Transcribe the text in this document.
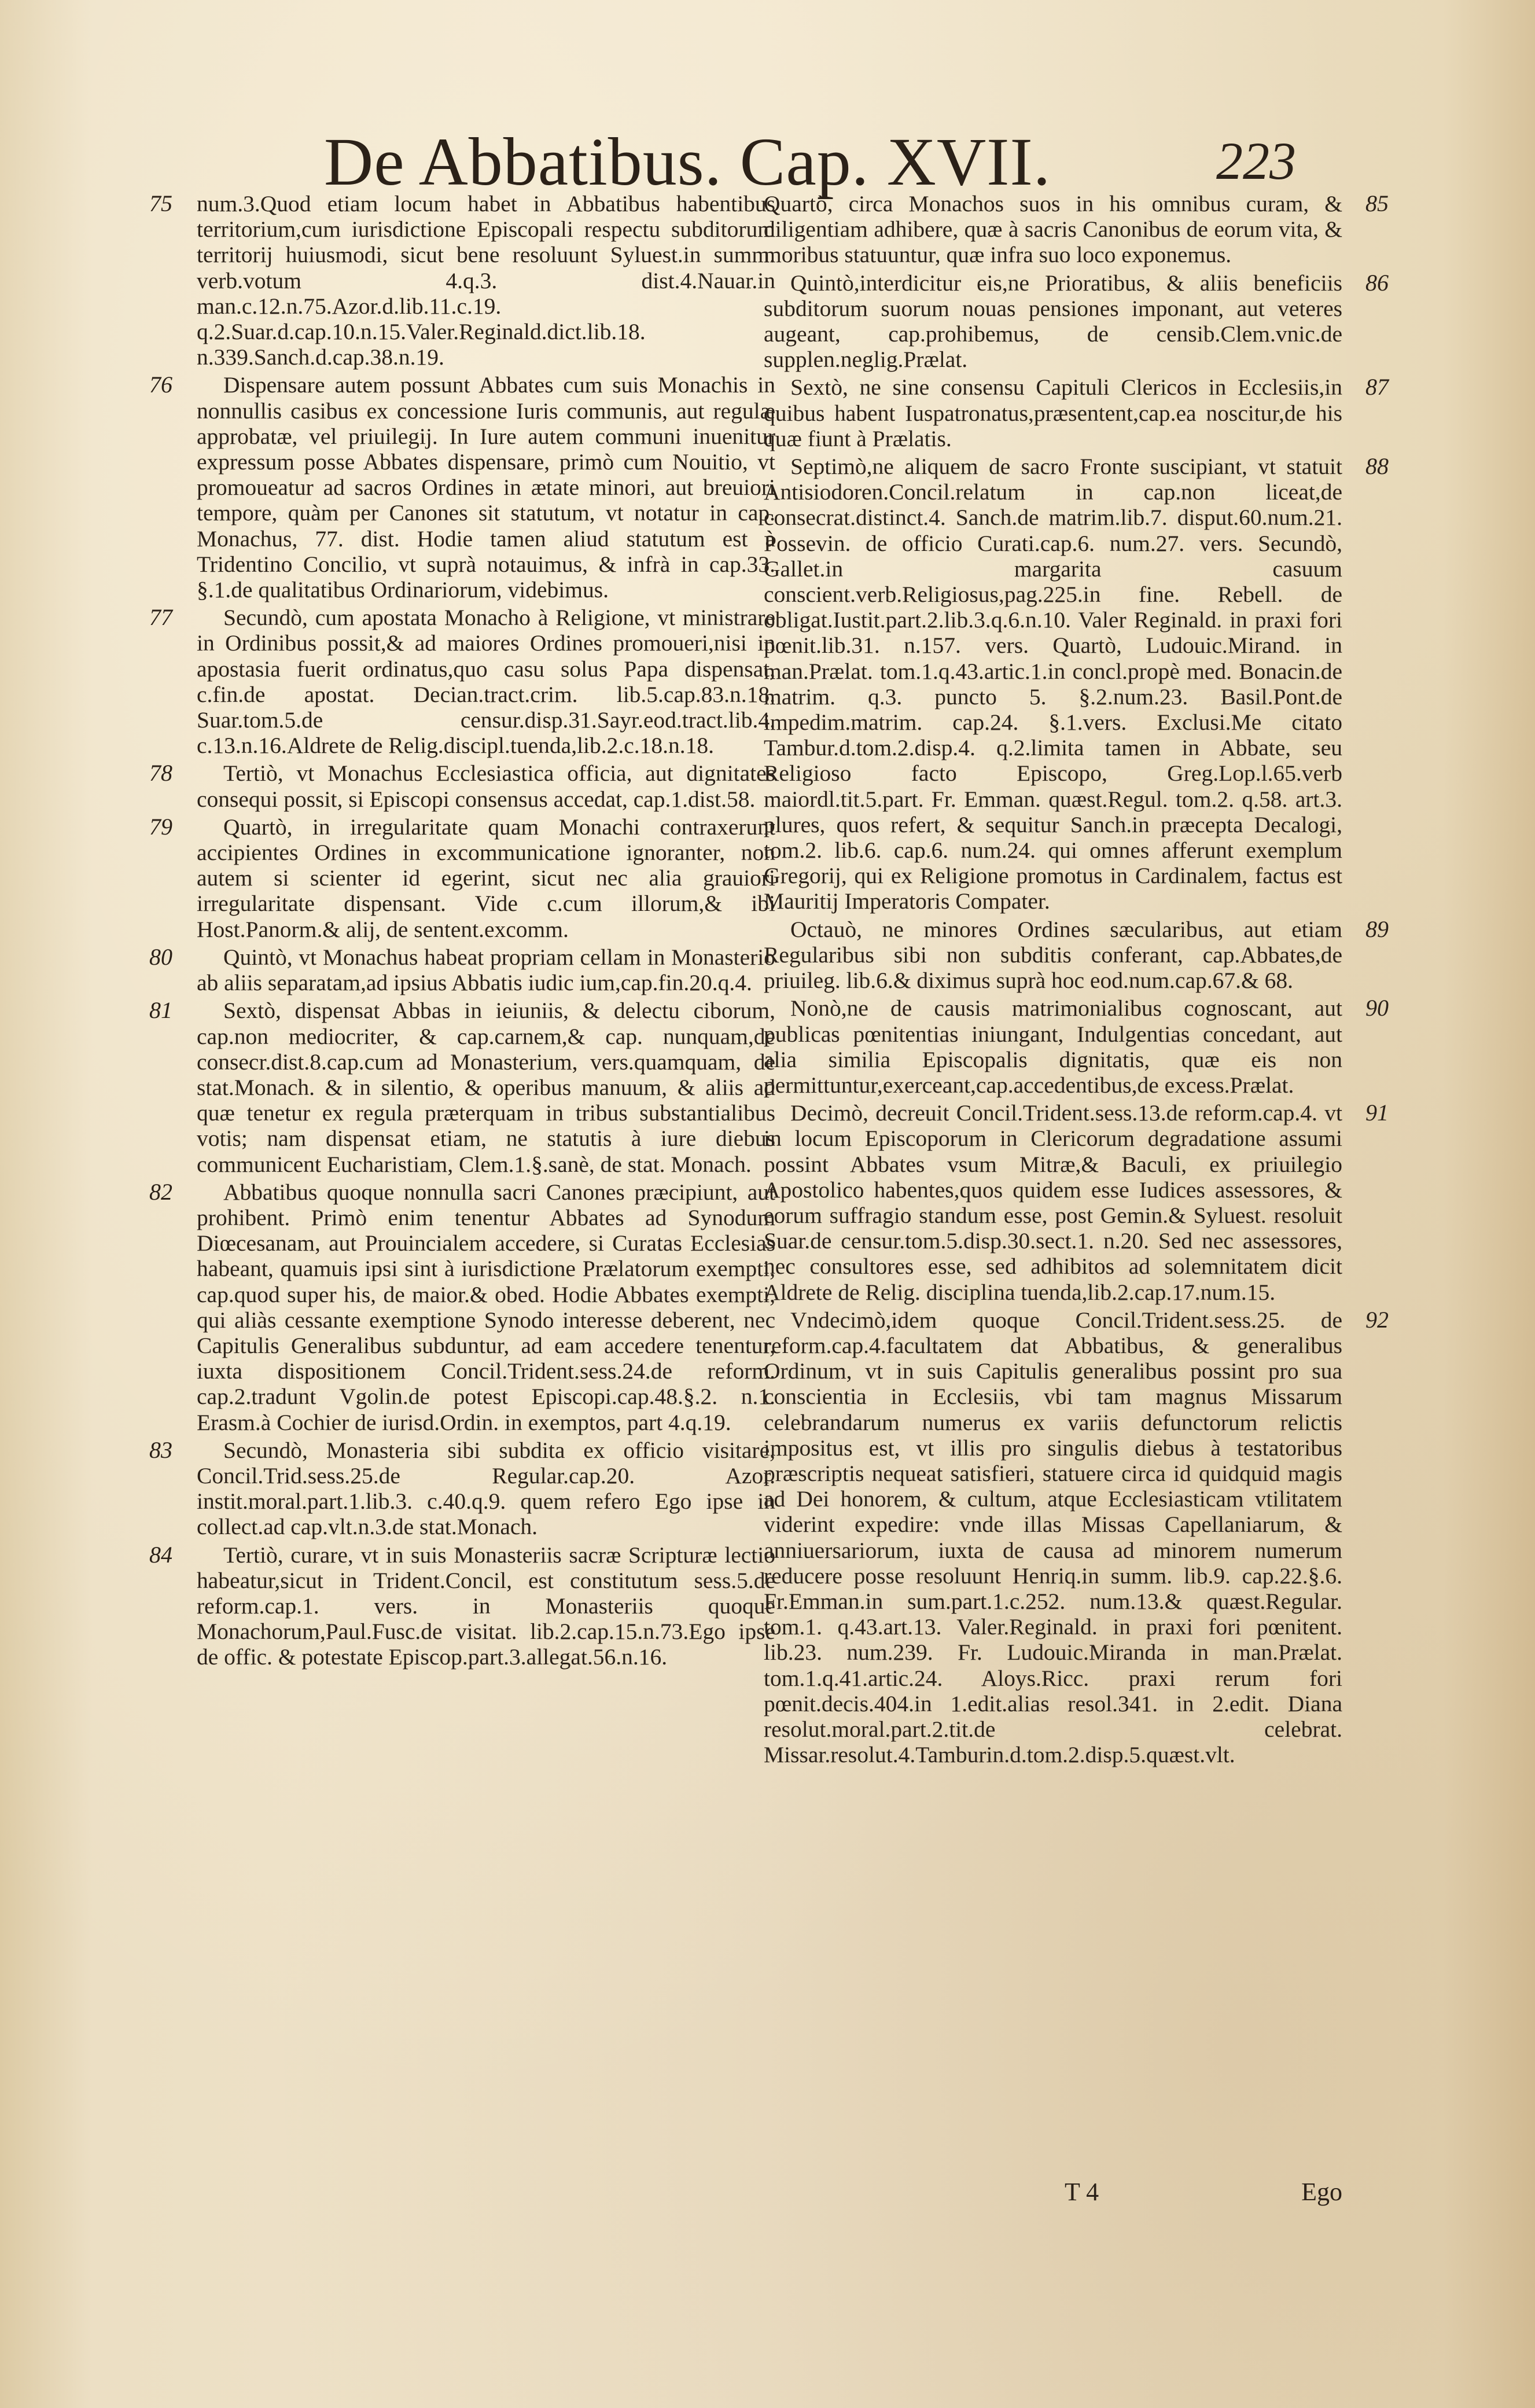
De Abbatibus. Cap. XVII.	223

75 num.3.Quod etiam locum habet in Abbatibus habentibus territorium,cum iurisdictione Episcopali respectu subditorum territorij huiusmodi, sicut bene resoluunt Syluest.in summ. verb.votum 4.q.3. dist.4.Nauar.in man.c.12.n.75.Azor.d.lib.11.c.19. q.2.Suar.d.cap.10.n.15.Valer.Reginald.dict.lib.18. n.339.Sanch.d.cap.38.n.19.

76 Dispensare autem possunt Abbates cum suis Monachis in nonnullis casibus ex concessione Iuris communis, aut regulæ approbatæ, vel priuilegij. In Iure autem communi inuenitur expressum posse Abbates dispensare, primò cum Nouitio, vt promoueatur ad sacros Ordines in ætate minori, aut breuiori tempore, quàm per Canones sit statutum, vt notatur in cap. Monachus, 77. dist. Hodie tamen aliud statutum est à Tridentino Concilio, vt suprà notauimus, & infrà in cap.33. §.1.de qualitatibus Ordinariorum, videbimus.

77 Secundò, cum apostata Monacho à Religione, vt ministrare in Ordinibus possit,& ad maiores Ordines promoueri,nisi in apostasia fuerit ordinatus,quo casu solus Papa dispensat, c.fin.de apostat. Decian.tract.crim. lib.5.cap.83.n.18. Suar.tom.5.de censur.disp.31.Sayr.eod.tract.lib.4. c.13.n.16.Aldrete de Relig.discipl.tuenda,lib.2.c.18.n.18.

78 Tertiò, vt Monachus Ecclesiastica officia, aut dignitates consequi possit, si Episcopi consensus accedat, cap.1.dist.58.

79 Quartò, in irregularitate quam Monachi contraxerunt accipientes Ordines in excommunicatione ignoranter, non autem si scienter id egerint, sicut nec alia grauiori irregularitate dispensant. Vide c.cum illorum,& ibi Host.Panorm.& alij, de sentent.excomm.

80 Quintò, vt Monachus habeat propriam cellam in Monasterio ab aliis separatam,ad ipsius Abbatis iudic ium,cap.fin.20.q.4.

81 Sextò, dispensat Abbas in ieiuniis, & delectu ciborum, cap.non mediocriter, & cap.carnem,& cap. nunquam,de consecr.dist.8.cap.cum ad Monasterium, vers.quamquam, de stat.Monach. & in silentio, & operibus manuum, & aliis ad quæ tenetur ex regula præterquam in tribus substantialibus votis; nam dispensat etiam, ne statutis à iure diebus communicent Eucharistiam, Clem.1.§.sanè, de stat. Monach.

82 Abbatibus quoque nonnulla sacri Canones præcipiunt, aut prohibent. Primò enim tenentur Abbates ad Synodum Diœcesanam, aut Prouincialem accedere, si Curatas Ecclesias habeant, quamuis ipsi sint à iurisdictione Prælatorum exempti, cap.quod super his, de maior.& obed. Hodie Abbates exempti, qui aliàs cessante exemptione Synodo interesse deberent, nec Capitulis Generalibus subduntur, ad eam accedere tenentur, iuxta dispositionem Concil.Trident.sess.24.de reform. cap.2.tradunt Vgolin.de potest Episcopi.cap.48.§.2. n.1. Erasm.à Cochier de iurisd.Ordin. in exemptos, part 4.q.19.

83 Secundò, Monasteria sibi subdita ex officio visitare, Concil.Trid.sess.25.de Regular.cap.20. Azor. instit.moral.part.1.lib.3. c.40.q.9. quem refero Ego ipse in collect.ad cap.vlt.n.3.de stat.Monach.

84 Tertiò, curare, vt in suis Monasteriis sacræ Scripturæ lectio habeatur,sicut in Trident.Concil, est constitutum sess.5.de reform.cap.1. vers. in Monasteriis quoque Monachorum,Paul.Fusc.de visitat. lib.2.cap.15.n.73.Ego ipse de offic. & potestate Episcop.part.3.allegat.56.n.16.

85
Quartò, circa Monachos suos in his omnibus curam, & diligentiam adhibere, quæ à sacris Canonibus de eorum vita, & moribus statuuntur, quæ infra suo loco exponemus.

86
Quintò,interdicitur eis,ne Prioratibus, & aliis beneficiis subditorum suorum nouas pensiones imponant, aut veteres augeant, cap.prohibemus, de censib.Clem.vnic.de supplen.neglig.Prælat.

87
Sextò, ne sine consensu Capituli Clericos in Ecclesiis,in quibus habent Iuspatronatus,præsentent,cap.ea noscitur,de his quæ fiunt à Prælatis.

88
Septimò,ne aliquem de sacro Fronte suscipiant, vt statuit Antisiodoren.Concil.relatum in cap.non liceat,de consecrat.distinct.4. Sanch.de matrim.lib.7. disput.60.num.21. Possevin. de officio Curati.cap.6. num.27. vers. Secundò, Gallet.in margarita casuum conscient.verb.Religiosus,pag.225.in fine. Rebell. de obligat.Iustit.part.2.lib.3.q.6.n.10. Valer Reginald. in praxi fori pœnit.lib.31. n.157. vers. Quartò, Ludouic.Mirand. in man.Prælat. tom.1.q.43.artic.1.in concl.propè med. Bonacin.de matrim. q.3. puncto 5. §.2.num.23. Basil.Pont.de impedim.matrim. cap.24. §.1.vers. Exclusi.Me citato Tambur.d.tom.2.disp.4. q.2.limita tamen in Abbate, seu Religioso facto Episcopo, Greg.Lop.l.65.verb maiordl.tit.5.part. Fr. Emman. quæst.Regul. tom.2. q.58. art.3. plures, quos refert, & sequitur Sanch.in præcepta Decalogi, tom.2. lib.6. cap.6. num.24. qui omnes afferunt exemplum Gregorij, qui ex Religione promotus in Cardinalem, factus est Mauritij Imperatoris Compater.

89
Octauò, ne minores Ordines sæcularibus, aut etiam Regularibus sibi non subditis conferant, cap.Abbates,de priuileg. lib.6.& diximus suprà hoc eod.num.cap.67.& 68.

90
Nonò,ne de causis matrimonialibus cognoscant, aut publicas pœnitentias iniungant, Indulgentias concedant, aut alia similia Episcopalis dignitatis, quæ eis non permittuntur,exerceant,cap.accedentibus,de excess.Prælat.

91
Decimò, decreuit Concil.Trident.sess.13.de reform.cap.4. vt in locum Episcoporum in Clericorum degradatione assumi possint Abbates vsum Mitræ,& Baculi, ex priuilegio Apostolico habentes,quos quidem esse Iudices assessores, & eorum suffragio standum esse, post Gemin.& Syluest. resoluit Suar.de censur.tom.5.disp.30.sect.1. n.20. Sed nec assessores, nec consultores esse, sed adhibitos ad solemnitatem dicit Aldrete de Relig. disciplina tuenda,lib.2.cap.17.num.15.

92
Vndecimò,idem quoque Concil.Trident.sess.25. de reform.cap.4.facultatem dat Abbatibus, & generalibus Ordinum, vt in suis Capitulis generalibus possint pro sua conscientia in Ecclesiis, vbi tam magnus Missarum celebrandarum numerus ex variis defunctorum relictis impositus est, vt illis pro singulis diebus à testatoribus præscriptis nequeat satisfieri, statuere circa id quidquid magis ad Dei honorem, & cultum, atque Ecclesiasticam vtilitatem viderint expedire: vnde illas Missas Capellaniarum, & anniuersariorum, iuxta de causa ad minorem numerum reducere posse resoluunt Henriq.in summ. lib.9. cap.22.§.6. Fr.Emman.in sum.part.1.c.252. num.13.& quæst.Regular. tom.1. q.43.art.13. Valer.Reginald. in praxi fori pœnitent. lib.23. num.239. Fr. Ludouic.Miranda in man.Prælat. tom.1.q.41.artic.24. Aloys.Ricc. praxi rerum fori pœnit.decis.404.in 1.edit.alias resol.341. in 2.edit. Diana resolut.moral.part.2.tit.de celebrat. Missar.resolut.4.Tamburin.d.tom.2.disp.5.quæst.vlt.

T 4	Ego
